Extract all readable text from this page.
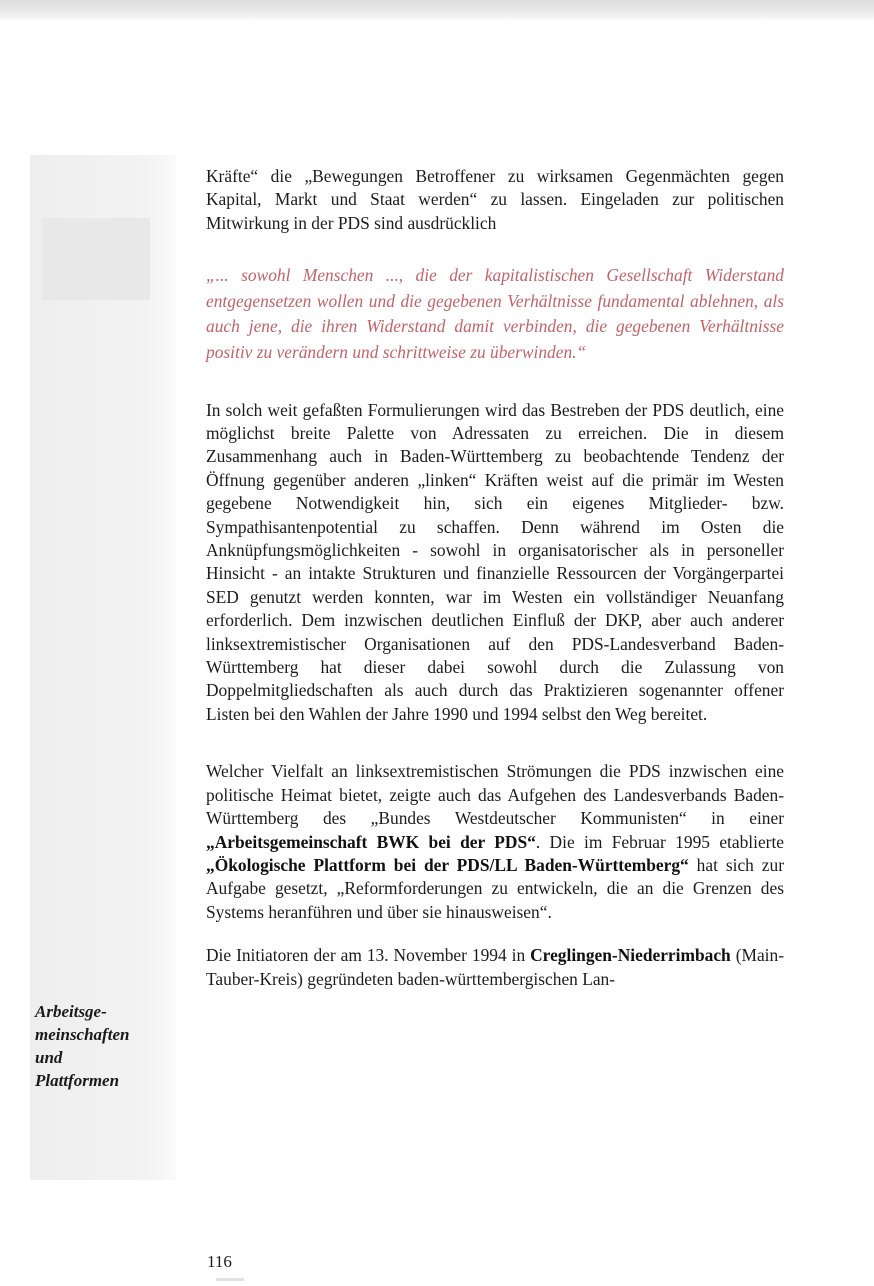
Arbeitsge-
meinschaften
und
Plattformen

Kräfte“ die „Bewegungen Betroffener zu wirksamen Gegenmächten gegen Kapital, Markt und Staat werden“ zu lassen. Eingeladen zur politischen Mitwirkung in der PDS sind ausdrücklich

„... sowohl Menschen ..., die der kapitalistischen Gesellschaft Widerstand entgegensetzen wollen und die gegebenen Verhältnisse fundamental ablehnen, als auch jene, die ihren Widerstand damit verbinden, die gegebenen Verhältnisse positiv zu verändern und schrittweise zu überwinden.“

In solch weit gefaßten Formulierungen wird das Bestreben der PDS deutlich, eine möglichst breite Palette von Adressaten zu erreichen. Die in diesem Zusammenhang auch in Baden-Württemberg zu beobachtende Tendenz der Öffnung gegenüber anderen „linken“ Kräften weist auf die primär im Westen gegebene Notwendigkeit hin, sich ein eigenes Mitglieder- bzw. Sympathisantenpotential zu schaffen. Denn während im Osten die Anknüpfungsmöglichkeiten - sowohl in organisatorischer als in personeller Hinsicht - an intakte Strukturen und finanzielle Ressourcen der Vorgängerpartei SED genutzt werden konnten, war im Westen ein vollständiger Neuanfang erforderlich. Dem inzwischen deutlichen Einfluß der DKP, aber auch anderer linksextremistischer Organisationen auf den PDS-Landesverband Baden-Württemberg hat dieser dabei sowohl durch die Zulassung von Doppelmitgliedschaften als auch durch das Praktizieren sogenannter offener Listen bei den Wahlen der Jahre 1990 und 1994 selbst den Weg bereitet.

Welcher Vielfalt an linksextremistischen Strömungen die PDS inzwischen eine politische Heimat bietet, zeigte auch das Aufgehen des Landesverbands Baden-Württemberg des „Bundes Westdeutscher Kommunisten“ in einer „Arbeitsgemeinschaft BWK bei der PDS“. Die im Februar 1995 etablierte „Ökologische Plattform bei der PDS/LL Baden-Württemberg“ hat sich zur Aufgabe gesetzt, „Reformforderungen zu entwickeln, die an die Grenzen des Systems heranführen und über sie hinausweisen“.

Die Initiatoren der am 13. November 1994 in Creglingen-Niederrimbach (Main-Tauber-Kreis) gegründeten baden-württembergischen Lan-

116
